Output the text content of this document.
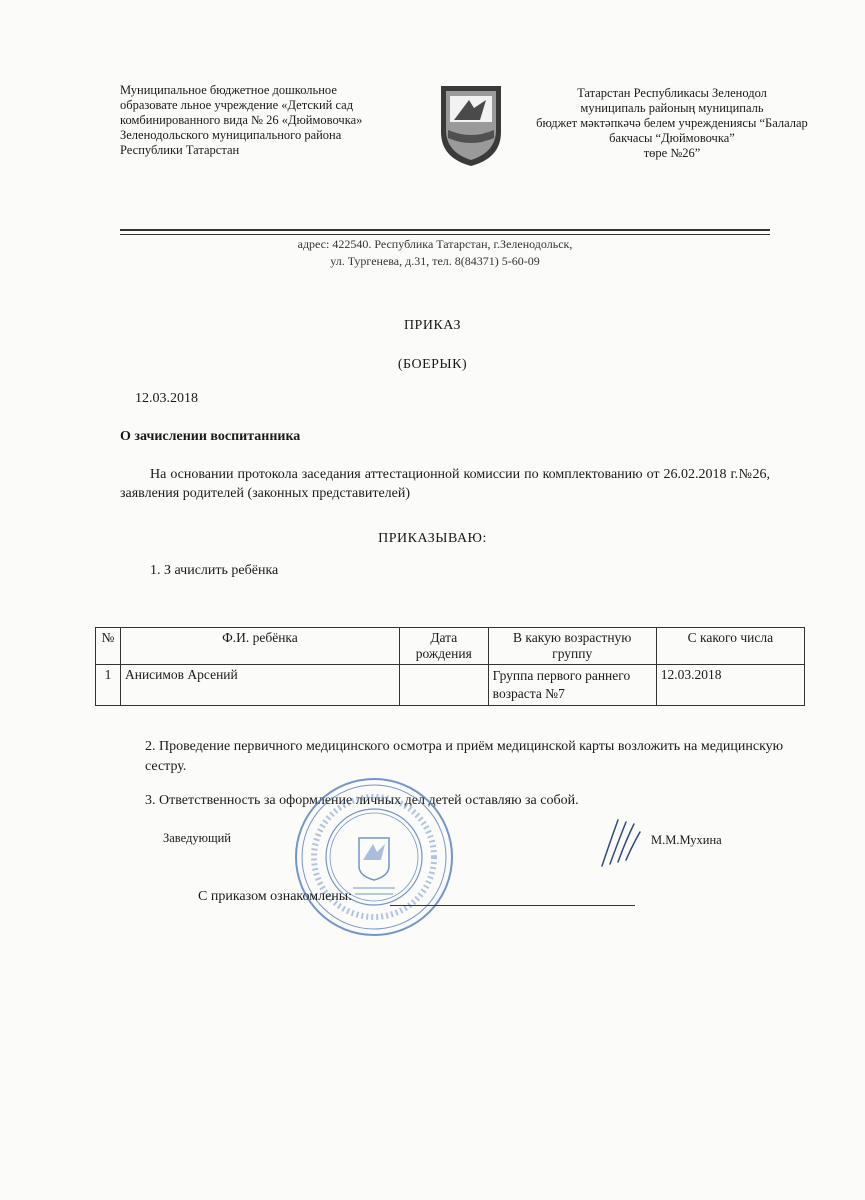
Муниципальное бюджетное дошкольное
образовате льное учреждение «Детский сад
комбинированного вида № 26 «Дюймовочка»
Зеленодольского муниципального района
Республики Татарстан
Татарстан Республикасы Зеленодол
муниципаль районың муниципаль
бюджет мәктәпкәчә белем учреждениясы “Балалар
бакчасы “Дюймовочка”
төре №26”
адрес: 422540. Республика Татарстан, г.Зеленодольск,
ул. Тургенева, д.31, тел. 8(84371) 5-60-09
ПРИКАЗ
(БОЕРЫК)
12.03.2018
О зачислении воспитанника
На основании протокола заседания аттестационной комиссии по комплектованию от 26.02.2018 г.№26, заявления родителей (законных представителей)
ПРИКАЗЫВАЮ:
1. З ачислить ребёнка
№	Ф.И. ребёнка	Дата рождения	В какую возрастную группу	С какого числа
1	Анисимов Арсений		Группа первого раннего возраста №7	12.03.2018
2. Проведение первичного медицинского осмотра и приём медицинской карты возложить на медицинскую сестру.
3. Ответственность за оформление личных дел детей оставляю за собой.
Заведующий	М.М.Мухина
С приказом ознакомлены:
